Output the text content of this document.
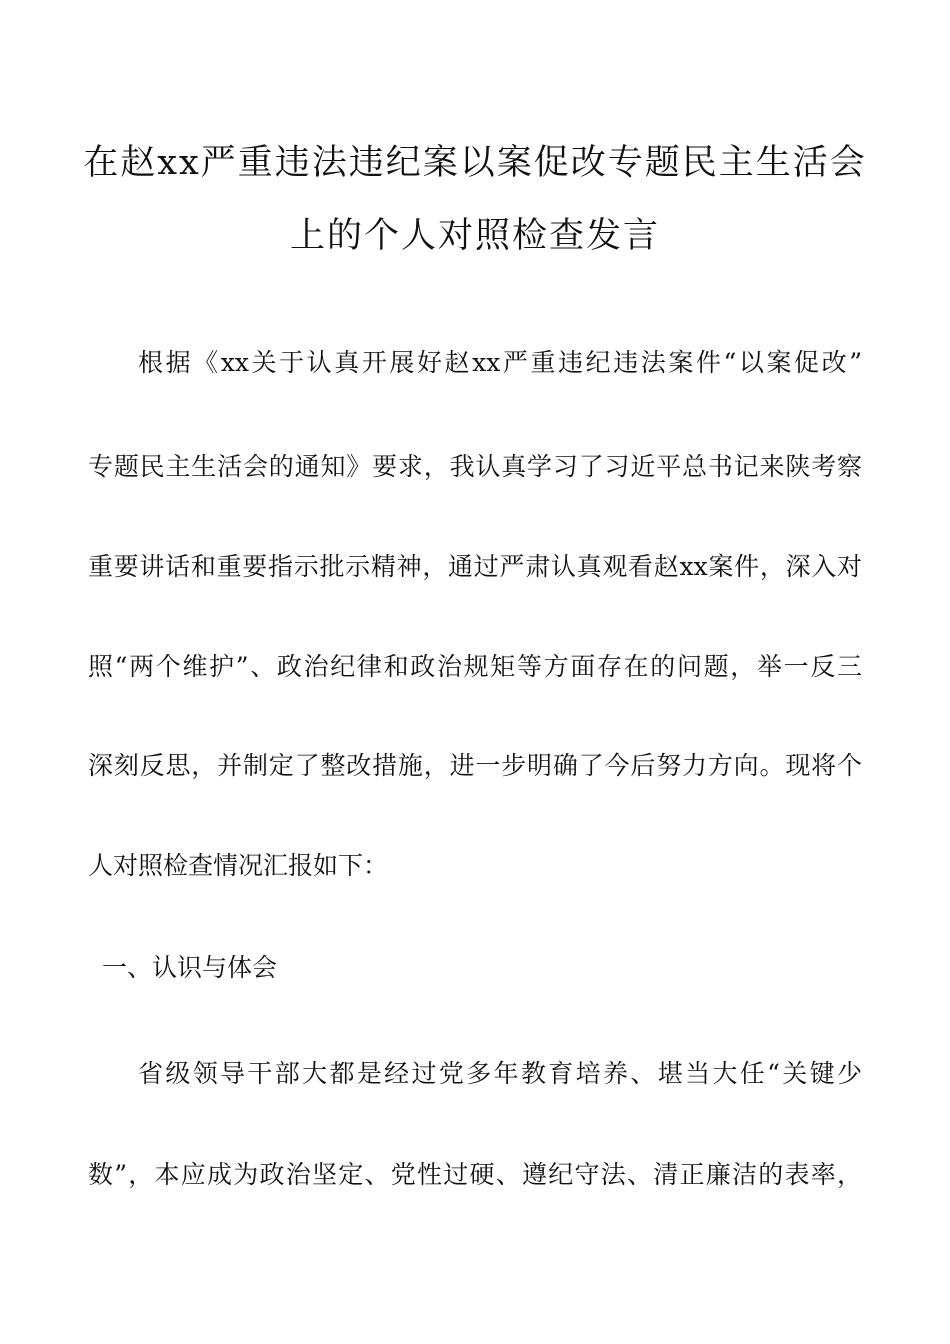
在赵xx严重违法违纪案以案促改专题民主生活会
上的个人对照检查发言
根据《xx关于认真开展好赵xx严重违纪违法案件“以案促改”
专题民主生活会的通知》要求，我认真学习了习近平总书记来陕考察
重要讲话和重要指示批示精神，通过严肃认真观看赵xx案件，深入对
照“两个维护”、政治纪律和政治规矩等方面存在的问题，举一反三
深刻反思，并制定了整改措施，进一步明确了今后努力方向。现将个
人对照检查情况汇报如下：
一、认识与体会
省级领导干部大都是经过党多年教育培养、堪当大任“关键少
数”，本应成为政治坚定、党性过硬、遵纪守法、清正廉洁的表率，
